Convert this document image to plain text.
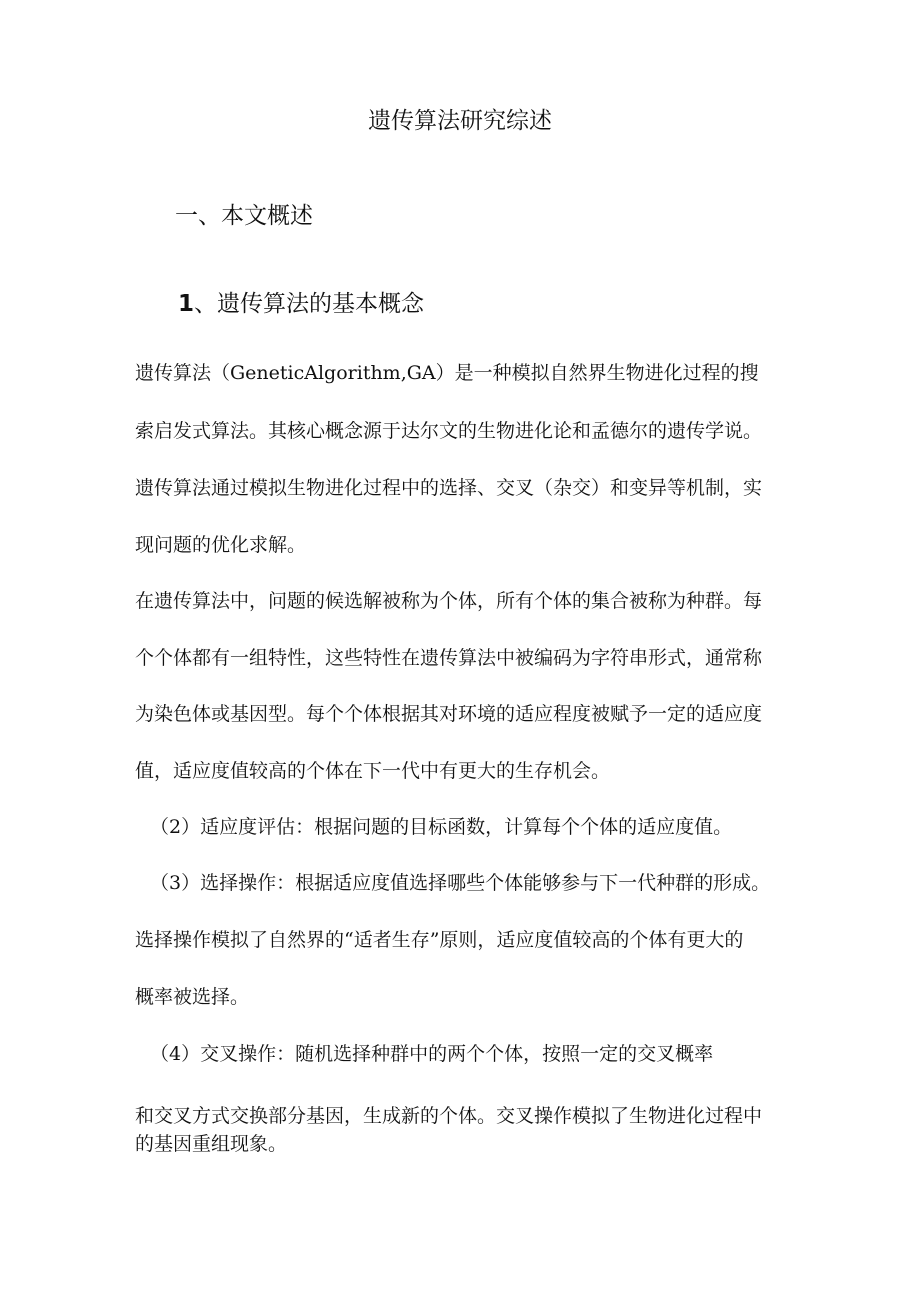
遗传算法研究综述
一、本文概述
1、遗传算法的基本概念
遗传算法（GeneticAlgorithm,GA）是一种模拟自然界生物进化过程的搜
索启发式算法。其核心概念源于达尔文的生物进化论和孟德尔的遗传学说。
遗传算法通过模拟生物进化过程中的选择、交叉（杂交）和变异等机制，实
现问题的优化求解。
在遗传算法中，问题的候选解被称为个体，所有个体的集合被称为种群。每
个个体都有一组特性，这些特性在遗传算法中被编码为字符串形式，通常称
为染色体或基因型。每个个体根据其对环境的适应程度被赋予一定的适应度
值，适应度值较高的个体在下一代中有更大的生存机会。
（2）适应度评估：根据问题的目标函数，计算每个个体的适应度值。
（3）选择操作：根据适应度值选择哪些个体能够参与下一代种群的形成。
选择操作模拟了自然界的“适者生存”原则，适应度值较高的个体有更大的
概率被选择。
（4）交叉操作：随机选择种群中的两个个体，按照一定的交叉概率
和交叉方式交换部分基因，生成新的个体。交叉操作模拟了生物进化过程中
的基因重组现象。
